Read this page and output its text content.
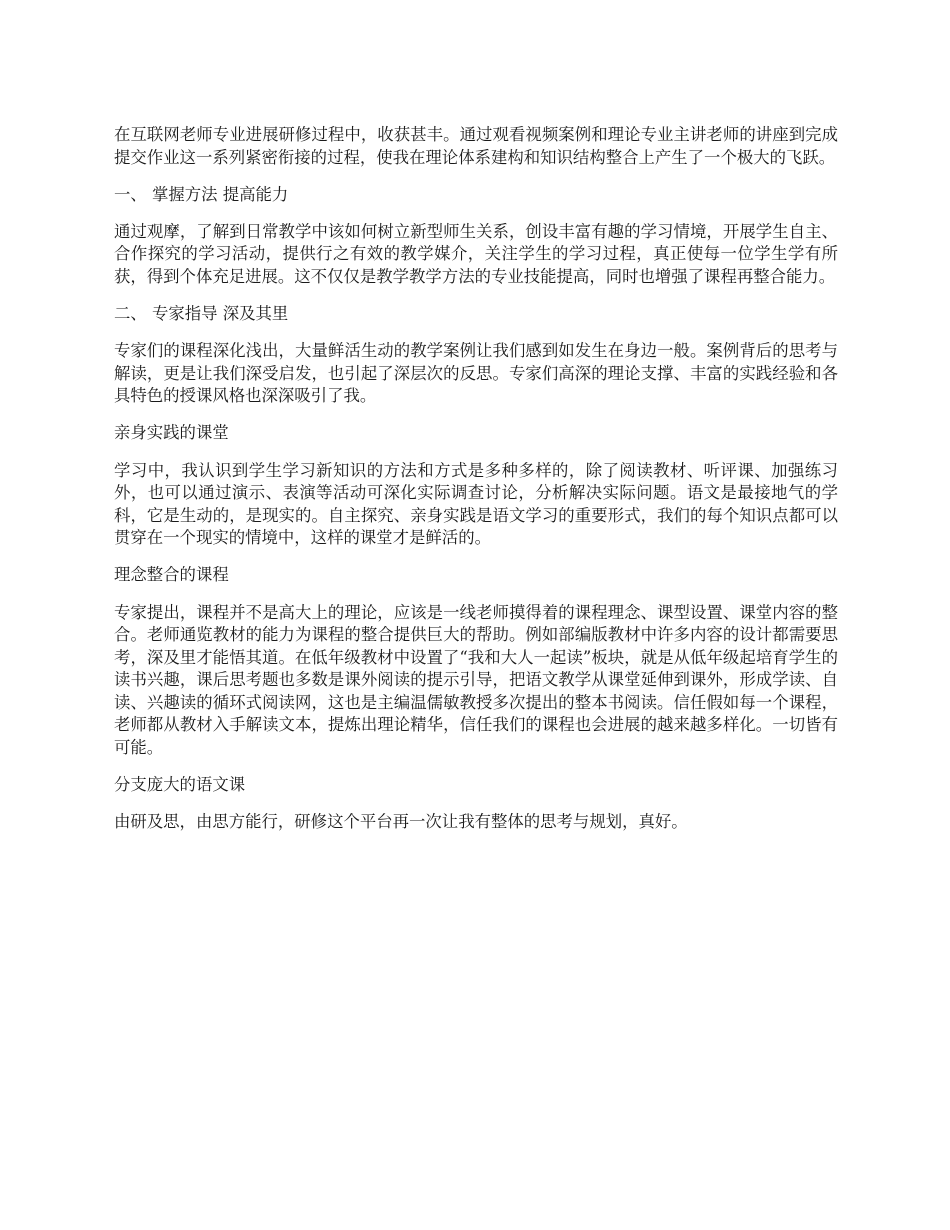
在互联网老师专业进展研修过程中，收获甚丰。通过观看视频案例和理论专业主讲老师的讲座到完成提交作业这一系列紧密衔接的过程，使我在理论体系建构和知识结构整合上产生了一个极大的飞跃。

一、 掌握方法 提高能力

通过观摩，了解到日常教学中该如何树立新型师生关系，创设丰富有趣的学习情境，开展学生自主、合作探究的学习活动，提供行之有效的教学媒介，关注学生的学习过程，真正使每一位学生学有所获，得到个体充足进展。这不仅仅是教学教学方法的专业技能提高，同时也增强了课程再整合能力。

二、 专家指导 深及其里

专家们的课程深化浅出，大量鲜活生动的教学案例让我们感到如发生在身边一般。案例背后的思考与解读，更是让我们深受启发，也引起了深层次的反思。专家们高深的理论支撑、丰富的实践经验和各具特色的授课风格也深深吸引了我。

亲身实践的课堂

学习中，我认识到学生学习新知识的方法和方式是多种多样的，除了阅读教材、听评课、加强练习外，也可以通过演示、表演等活动可深化实际调查讨论，分析解决实际问题。语文是最接地气的学科，它是生动的，是现实的。自主探究、亲身实践是语文学习的重要形式，我们的每个知识点都可以贯穿在一个现实的情境中，这样的课堂才是鲜活的。

理念整合的课程

专家提出，课程并不是高大上的理论，应该是一线老师摸得着的课程理念、课型设置、课堂内容的整合。老师通览教材的能力为课程的整合提供巨大的帮助。例如部编版教材中许多内容的设计都需要思考，深及里才能悟其道。在低年级教材中设置了“我和大人一起读”板块，就是从低年级起培育学生的读书兴趣，课后思考题也多数是课外阅读的提示引导，把语文教学从课堂延伸到课外，形成学读、自读、兴趣读的循环式阅读网，这也是主编温儒敏教授多次提出的整本书阅读。信任假如每一个课程，老师都从教材入手解读文本，提炼出理论精华，信任我们的课程也会进展的越来越多样化。一切皆有可能。

分支庞大的语文课

由研及思，由思方能行，研修这个平台再一次让我有整体的思考与规划，真好。
